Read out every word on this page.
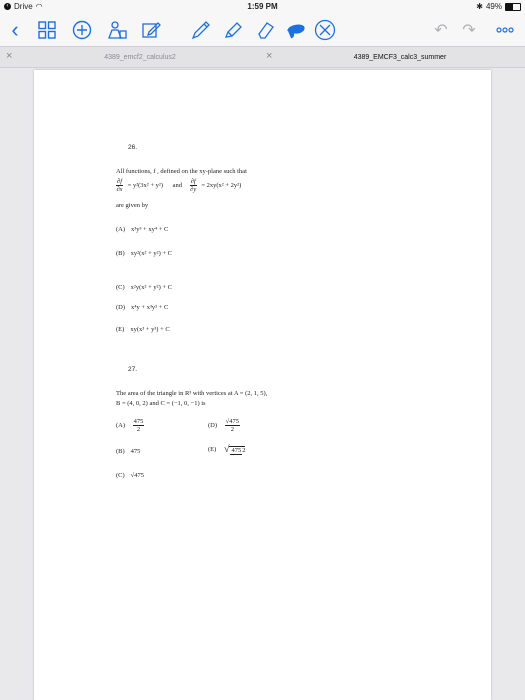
‹ Drive ◠	1:59 PM	✱ 49%
‹	↶ ↷
×	4389_emcf2_calculus2	×	4389_EMCF3_calc3_summer
26.
All functions, f , defined on the xy-plane such that
$\frac{\partial f}{\partial x} = y^2(3x^2 + y^2)$ and $\frac{\partial f}{\partial y} = 2xy(x^2 + 2y^2)$
are given by
(A) x³y³ + xy⁴ + C
(B) xy²(x² + y²) + C
(C) x²y(x² + y²) + C
(D) x⁴y + x³y³ + C
(E) xy(x³ + y³) + C
27.
The area of the triangle in R³ with vertices at A = (2, 1, 5),
B = (4, 0, 2) and C = (−1, 0, −1) is
$(A) \frac{475}{2}$	$(D) \frac{√475}{2}$
(B) 475	(E) √ 4752
(C) √475
